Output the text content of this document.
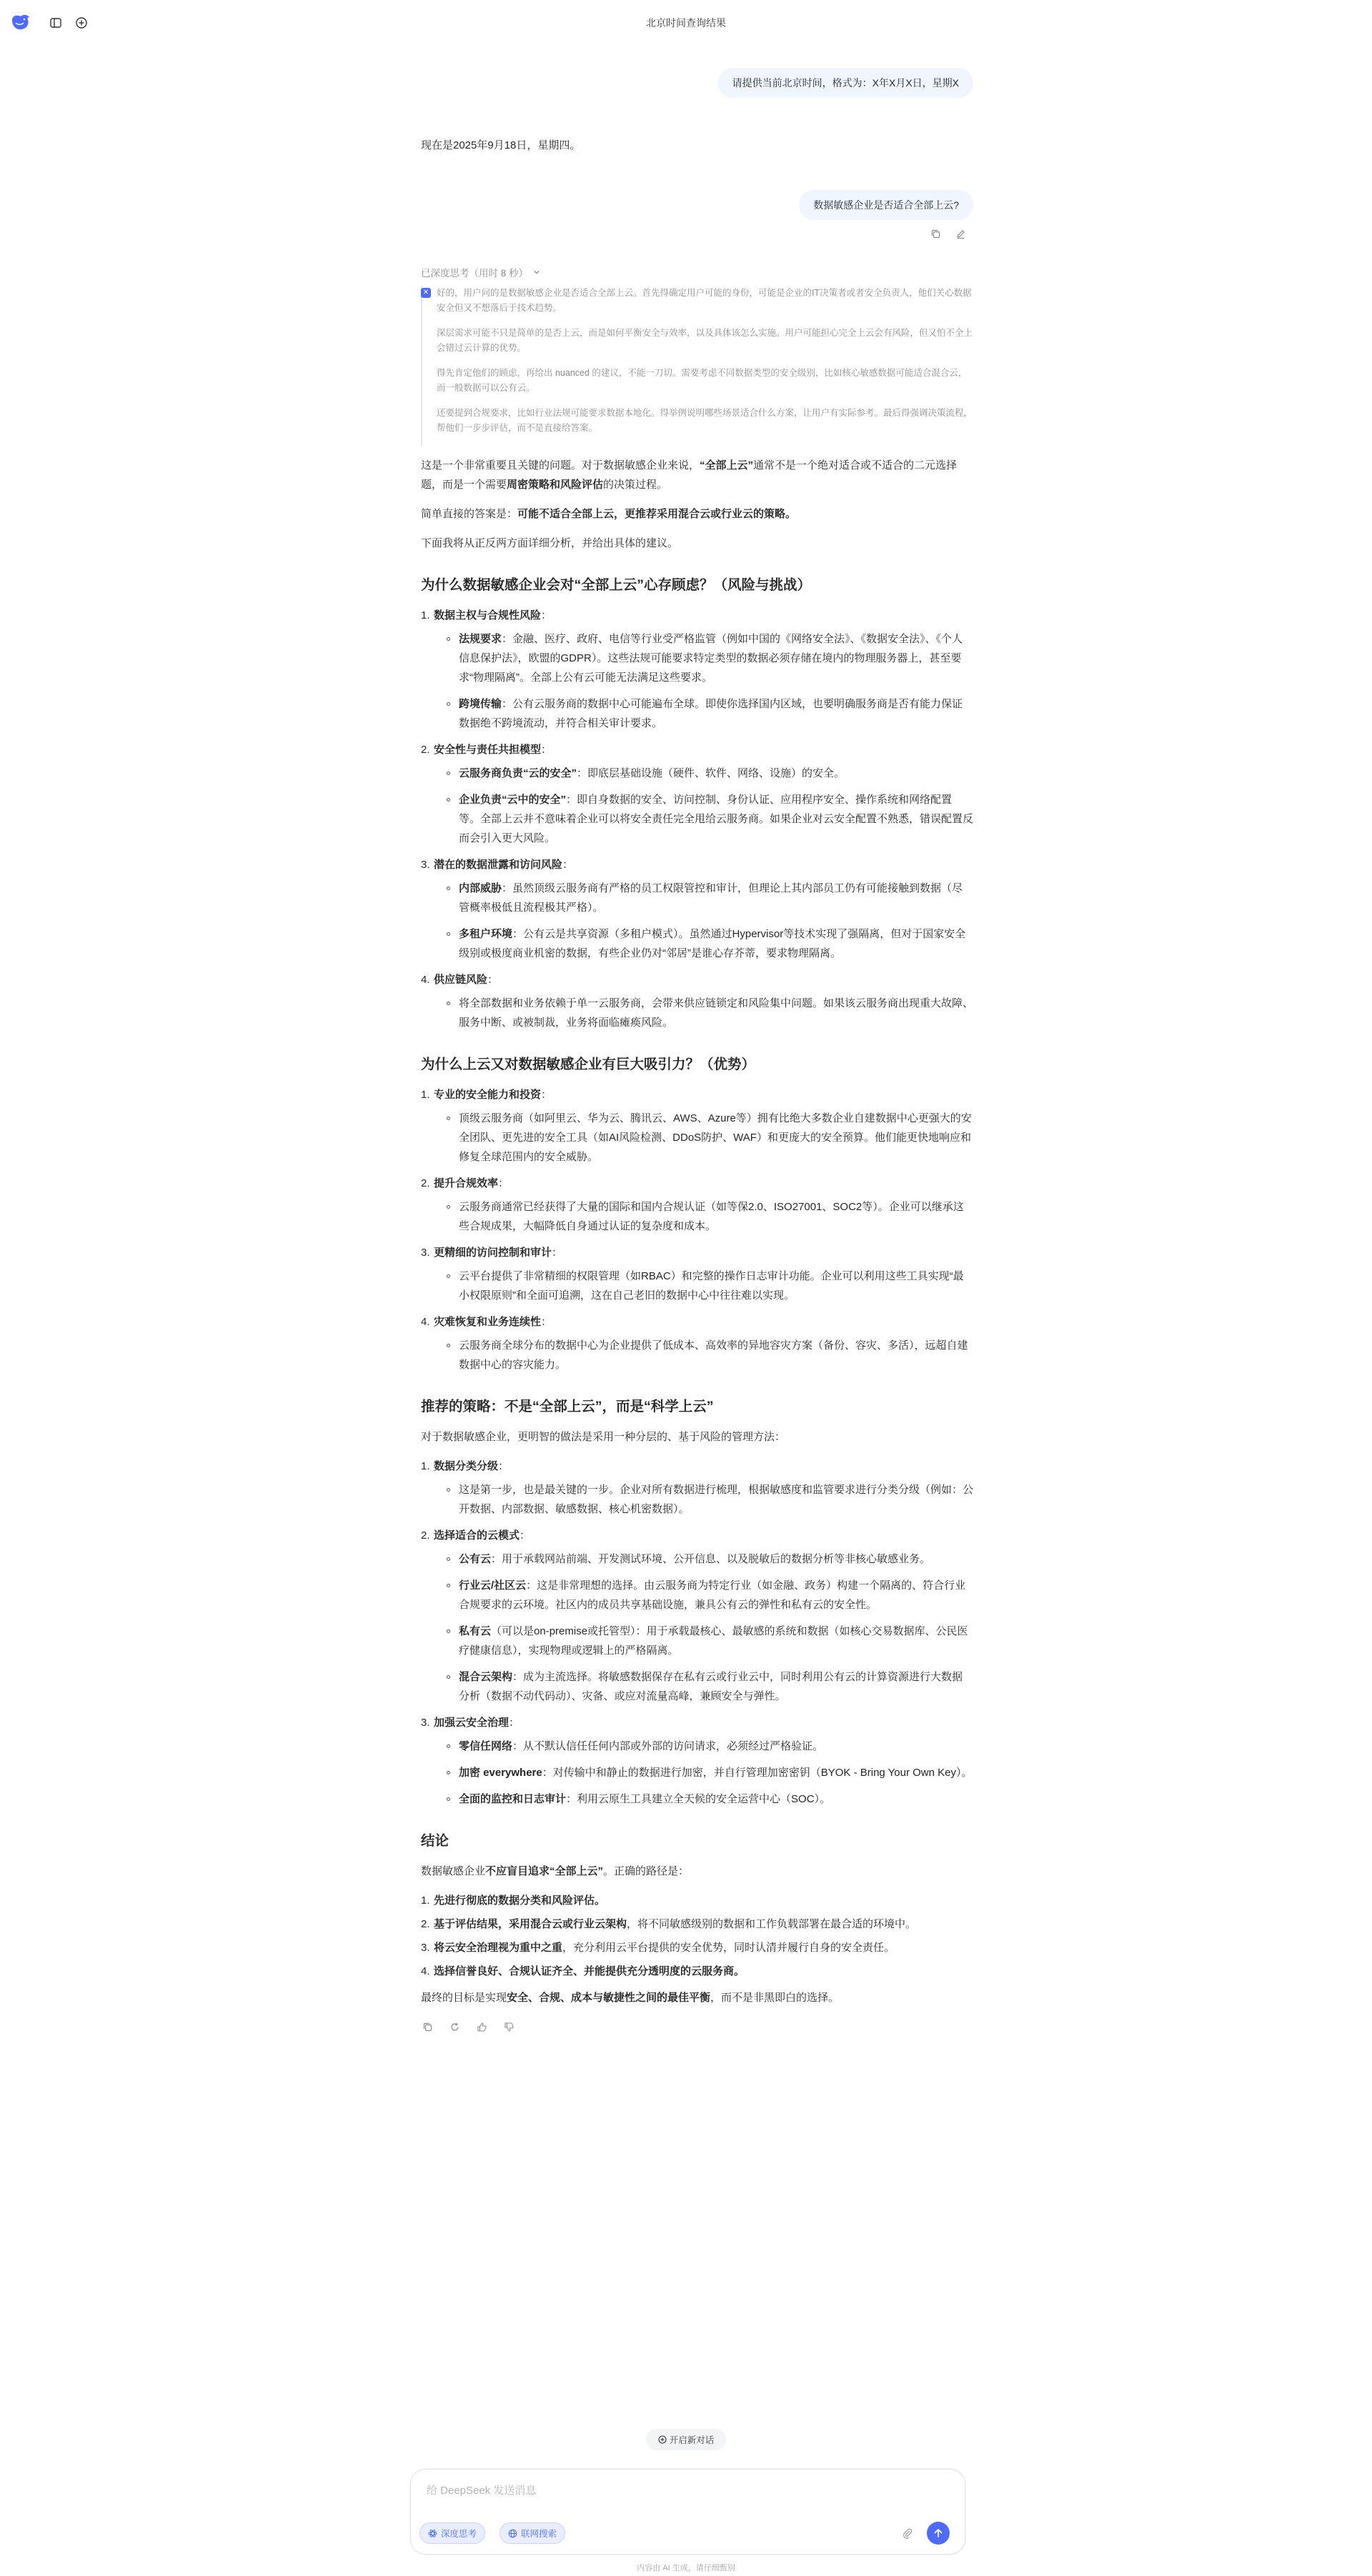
北京时间查询结果
请提供当前北京时间，格式为：X年X月X日，星期X

现在是2025年9月18日，星期四。

数据敏感企业是否适合全部上云?
已深度思考（用时 8 秒）
✕ 好的，用户问的是数据敏感企业是否适合全部上云。首先得确定用户可能的身份，可能是企业的IT决策者或者安全负责人，他们关心数据安全但又不想落后于技术趋势。

深层需求可能不只是简单的是否上云，而是如何平衡安全与效率，以及具体该怎么实施。用户可能担心完全上云会有风险，但又怕不全上会错过云计算的优势。

得先肯定他们的顾虑，再给出 nuanced 的建议，不能一刀切。需要考虑不同数据类型的安全级别，比如核心敏感数据可能适合混合云，而一般数据可以公有云。

还要提到合规要求，比如行业法规可能要求数据本地化。得举例说明哪些场景适合什么方案，让用户有实际参考。最后得强调决策流程，帮他们一步步评估，而不是直接给答案。

这是一个非常重要且关键的问题。对于数据敏感企业来说，“全部上云”通常不是一个绝对适合或不适合的二元选择题，而是一个需要周密策略和风险评估的决策过程。

简单直接的答案是：可能不适合全部上云，更推荐采用混合云或行业云的策略。

下面我将从正反两方面详细分析，并给出具体的建议。

为什么数据敏感企业会对“全部上云”心存顾虑？（风险与挑战）
1. 数据主权与合规性风险：
法规要求：金融、医疗、政府、电信等行业受严格监管（例如中国的《网络安全法》、《数据安全法》、《个人信息保护法》，欧盟的GDPR）。这些法规可能要求特定类型的数据必须存储在境内的物理服务器上，甚至要求“物理隔离”。全部上公有云可能无法满足这些要求。
跨境传输：公有云服务商的数据中心可能遍布全球。即使你选择国内区域，也要明确服务商是否有能力保证数据绝不跨境流动，并符合相关审计要求。
2. 安全性与责任共担模型：
云服务商负责“云的安全”：即底层基础设施（硬件、软件、网络、设施）的安全。
企业负责“云中的安全”：即自身数据的安全、访问控制、身份认证、应用程序安全、操作系统和网络配置等。全部上云并不意味着企业可以将安全责任完全甩给云服务商。如果企业对云安全配置不熟悉，错误配置反而会引入更大风险。
3. 潜在的数据泄露和访问风险：
内部威胁：虽然顶级云服务商有严格的员工权限管控和审计，但理论上其内部员工仍有可能接触到数据（尽管概率极低且流程极其严格）。
多租户环境：公有云是共享资源（多租户模式）。虽然通过Hypervisor等技术实现了强隔离，但对于国家安全级别或极度商业机密的数据，有些企业仍对“邻居”是谁心存芥蒂，要求物理隔离。
4. 供应链风险：
将全部数据和业务依赖于单一云服务商，会带来供应链锁定和风险集中问题。如果该云服务商出现重大故障、服务中断、或被制裁，业务将面临瘫痪风险。
为什么上云又对数据敏感企业有巨大吸引力？（优势）
1. 专业的安全能力和投资：
顶级云服务商（如阿里云、华为云、腾讯云、AWS、Azure等）拥有比绝大多数企业自建数据中心更强大的安全团队、更先进的安全工具（如AI风险检测、DDoS防护、WAF）和更庞大的安全预算。他们能更快地响应和修复全球范围内的安全威胁。
2. 提升合规效率：
云服务商通常已经获得了大量的国际和国内合规认证（如等保2.0、ISO27001、SOC2等）。企业可以继承这些合规成果，大幅降低自身通过认证的复杂度和成本。
3. 更精细的访问控制和审计：
云平台提供了非常精细的权限管理（如RBAC）和完整的操作日志审计功能。企业可以利用这些工具实现“最小权限原则”和全面可追溯，这在自己老旧的数据中心中往往难以实现。
4. 灾难恢复和业务连续性：
云服务商全球分布的数据中心为企业提供了低成本、高效率的异地容灾方案（备份、容灾、多活），远超自建数据中心的容灾能力。
推荐的策略：不是“全部上云”，而是“科学上云”

对于数据敏感企业，更明智的做法是采用一种分层的、基于风险的管理方法：

1. 数据分类分级：
这是第一步，也是最关键的一步。企业对所有数据进行梳理，根据敏感度和监管要求进行分类分级（例如：公开数据、内部数据、敏感数据、核心机密数据）。
2. 选择适合的云模式：
公有云：用于承载网站前端、开发测试环境、公开信息、以及脱敏后的数据分析等非核心敏感业务。
行业云/社区云：这是非常理想的选择。由云服务商为特定行业（如金融、政务）构建一个隔离的、符合行业合规要求的云环境。社区内的成员共享基础设施，兼具公有云的弹性和私有云的安全性。
私有云（可以是on-premise或托管型）：用于承载最核心、最敏感的系统和数据（如核心交易数据库、公民医疗健康信息），实现物理或逻辑上的严格隔离。
混合云架构：成为主流选择。将敏感数据保存在私有云或行业云中，同时利用公有云的计算资源进行大数据分析（数据不动代码动）、灾备、或应对流量高峰，兼顾安全与弹性。
3. 加强云安全治理：
零信任网络：从不默认信任任何内部或外部的访问请求，必须经过严格验证。
加密 everywhere：对传输中和静止的数据进行加密，并自行管理加密密钥（BYOK - Bring Your Own Key）。
全面的监控和日志审计：利用云原生工具建立全天候的安全运营中心（SOC）。
结论

数据敏感企业不应盲目追求“全部上云”。正确的路径是：

1. 先进行彻底的数据分类和风险评估。
2. 基于评估结果，采用混合云或行业云架构，将不同敏感级别的数据和工作负载部署在最合适的环境中。
3. 将云安全治理视为重中之重，充分利用云平台提供的安全优势，同时认清并履行自身的安全责任。
4. 选择信誉良好、合规认证齐全、并能提供充分透明度的云服务商。

最终的目标是实现安全、合规、成本与敏捷性之间的最佳平衡，而不是非黑即白的选择。

开启新对话
给 DeepSeek 发送消息
深度思考	联网搜索
内容由 AI 生成，请仔细甄别
